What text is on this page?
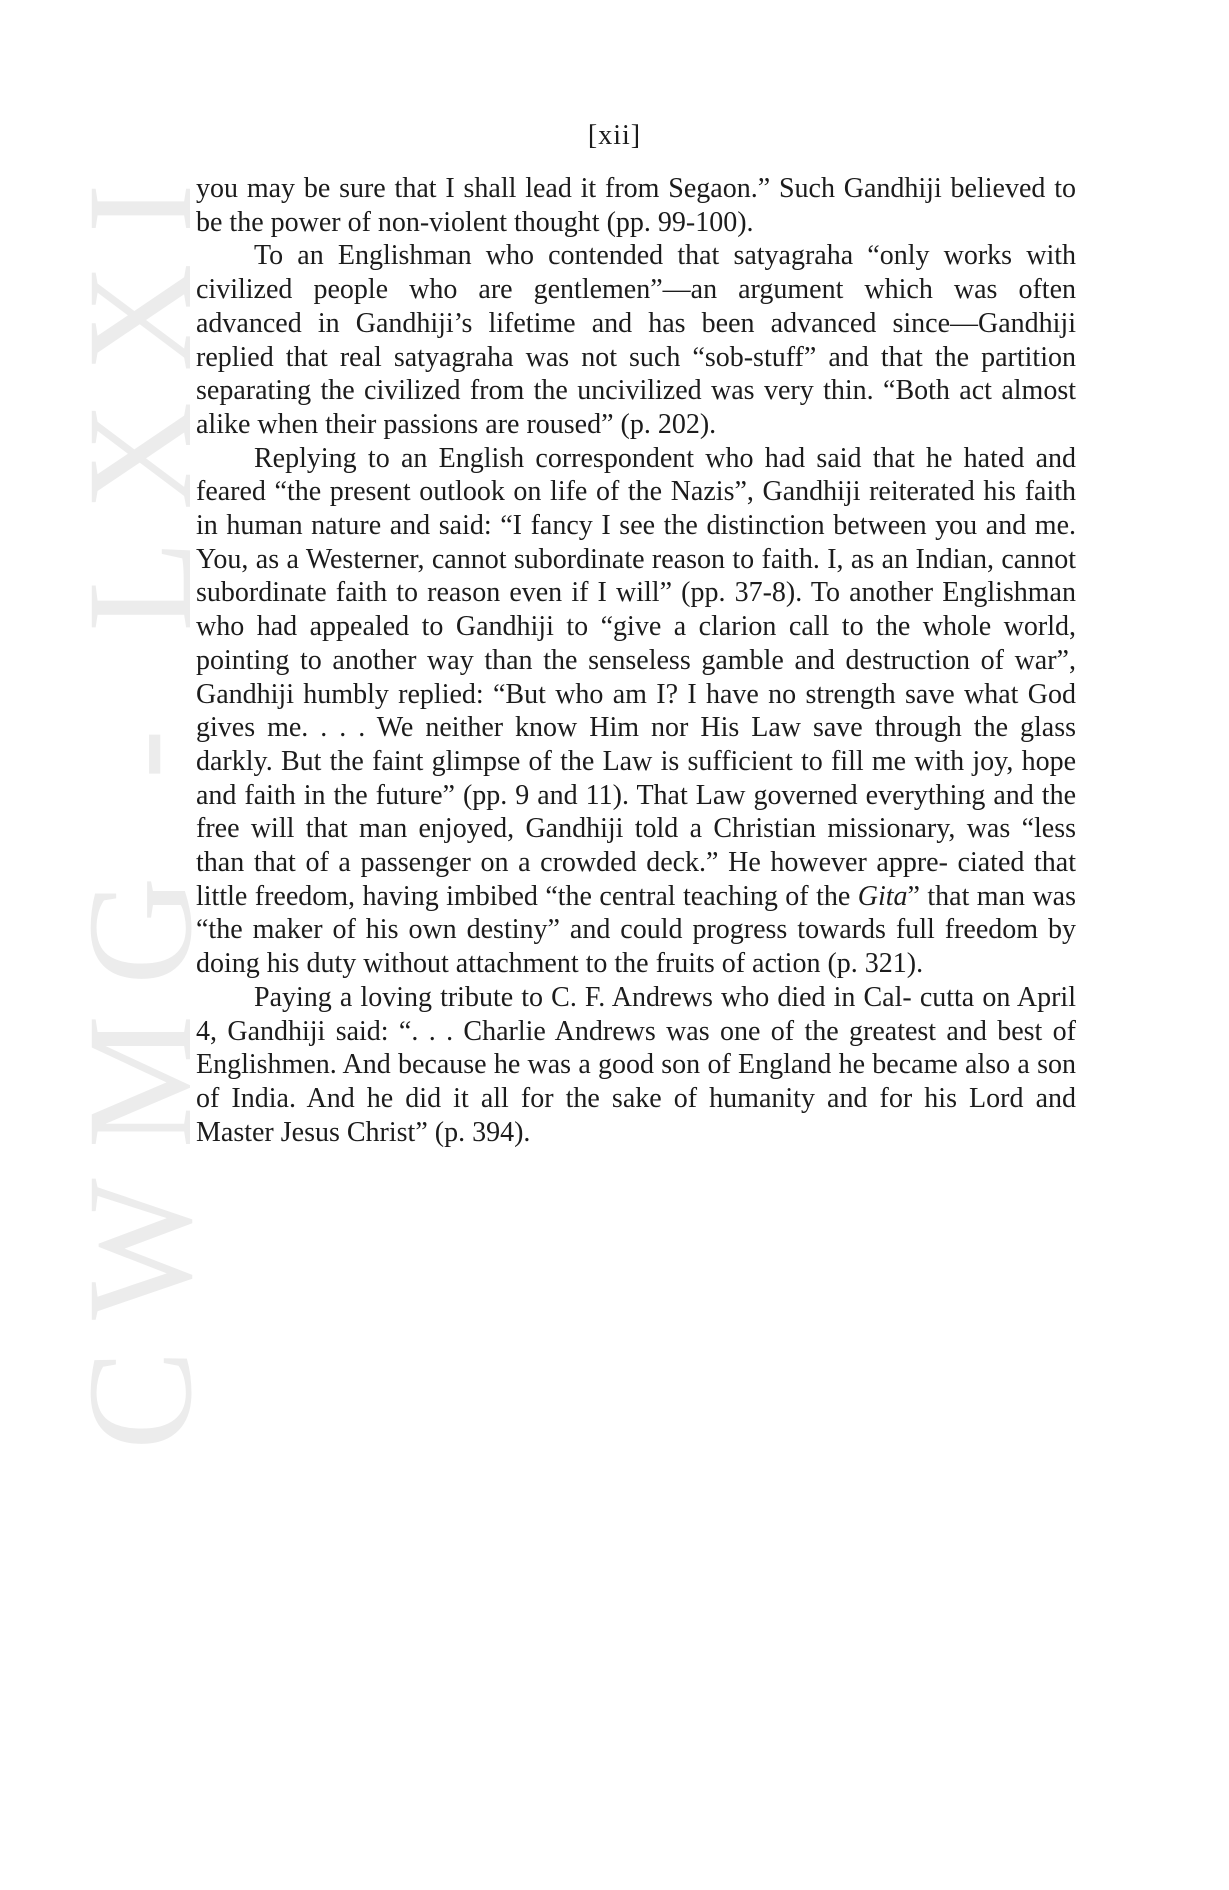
CWMG - LXXI
[xii]

you may be sure that I shall lead it from Segaon.” Such Gandhiji believed to be the power of non-violent thought (pp. 99-100).

To an Englishman who contended that satyagraha “only works with civilized people who are gentlemen”—an argument which was often advanced in Gandhiji’s lifetime and has been advanced since—Gandhiji replied that real satyagraha was not such “sob-stuff” and that the partition separating the civilized from the uncivilized was very thin. “Both act almost alike when their passions are roused” (p. 202).

Replying to an English correspondent who had said that he hated and feared “the present outlook on life of the Nazis”, Gandhiji reiterated his faith in human nature and said: “I fancy I see the distinction between you and me. You, as a Westerner, cannot subordinate reason to faith. I, as an Indian, cannot subordinate faith to reason even if I will” (pp. 37-8). To another Englishman who had appealed to Gandhiji to “give a clarion call to the whole world, pointing to another way than the senseless gamble and destruction of war”, Gandhiji humbly replied: “But who am I? I have no strength save what God gives me. . . . We neither know Him nor His Law save through the glass darkly. But the faint glimpse of the Law is sufficient to fill me with joy, hope and faith in the future” (pp. 9 and 11). That Law governed everything and the free will that man enjoyed, Gandhiji told a Christian missionary, was “less than that of a passenger on a crowded deck.” He however appre- ciated that little freedom, having imbibed “the central teaching of the Gita” that man was “the maker of his own destiny” and could progress towards full freedom by doing his duty without attachment to the fruits of action (p. 321).

Paying a loving tribute to C. F. Andrews who died in Cal- cutta on April 4, Gandhiji said: “. . . Charlie Andrews was one of the greatest and best of Englishmen. And because he was a good son of England he became also a son of India. And he did it all for the sake of humanity and for his Lord and Master Jesus Christ” (p. 394).
